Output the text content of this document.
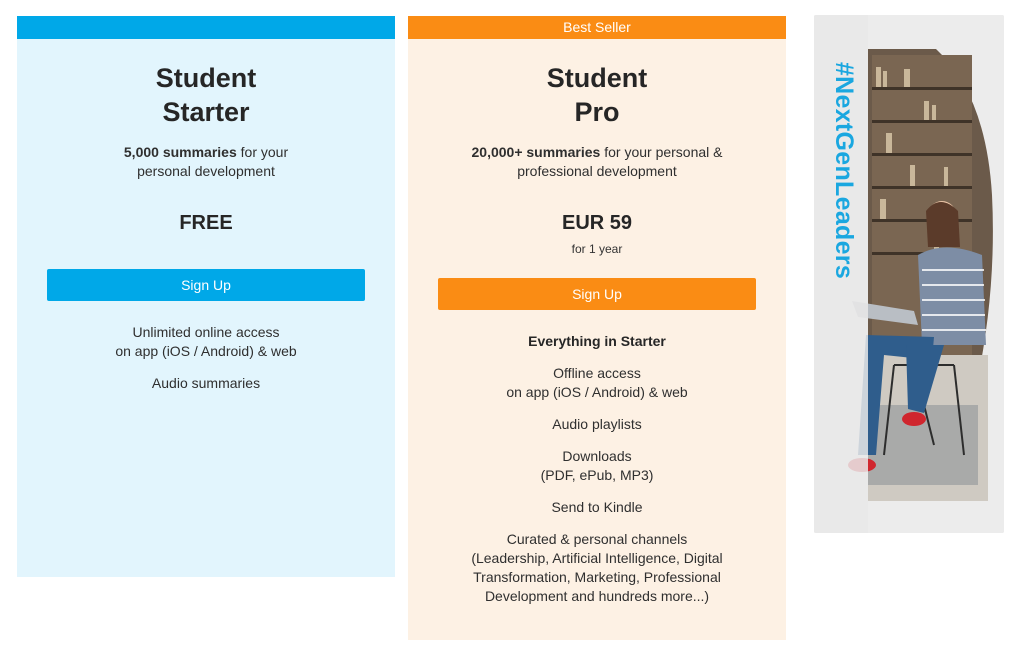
Student
Starter

5,000 summaries for your
personal development

FREE
Sign Up
Unlimited online access
on app (iOS / Android) & web
Audio summaries
Best Seller
Student
Pro

20,000+ summaries for your personal &
professional development

EUR 59
for 1 year
Sign Up
Everything in Starter
Offline access
on app (iOS / Android) & web
Audio playlists
Downloads
(PDF, ePub, MP3)
Send to Kindle
Curated & personal channels
(Leadership, Artificial Intelligence, Digital
Transformation, Marketing, Professional
Development and hundreds more...)
#NextGenLeaders
